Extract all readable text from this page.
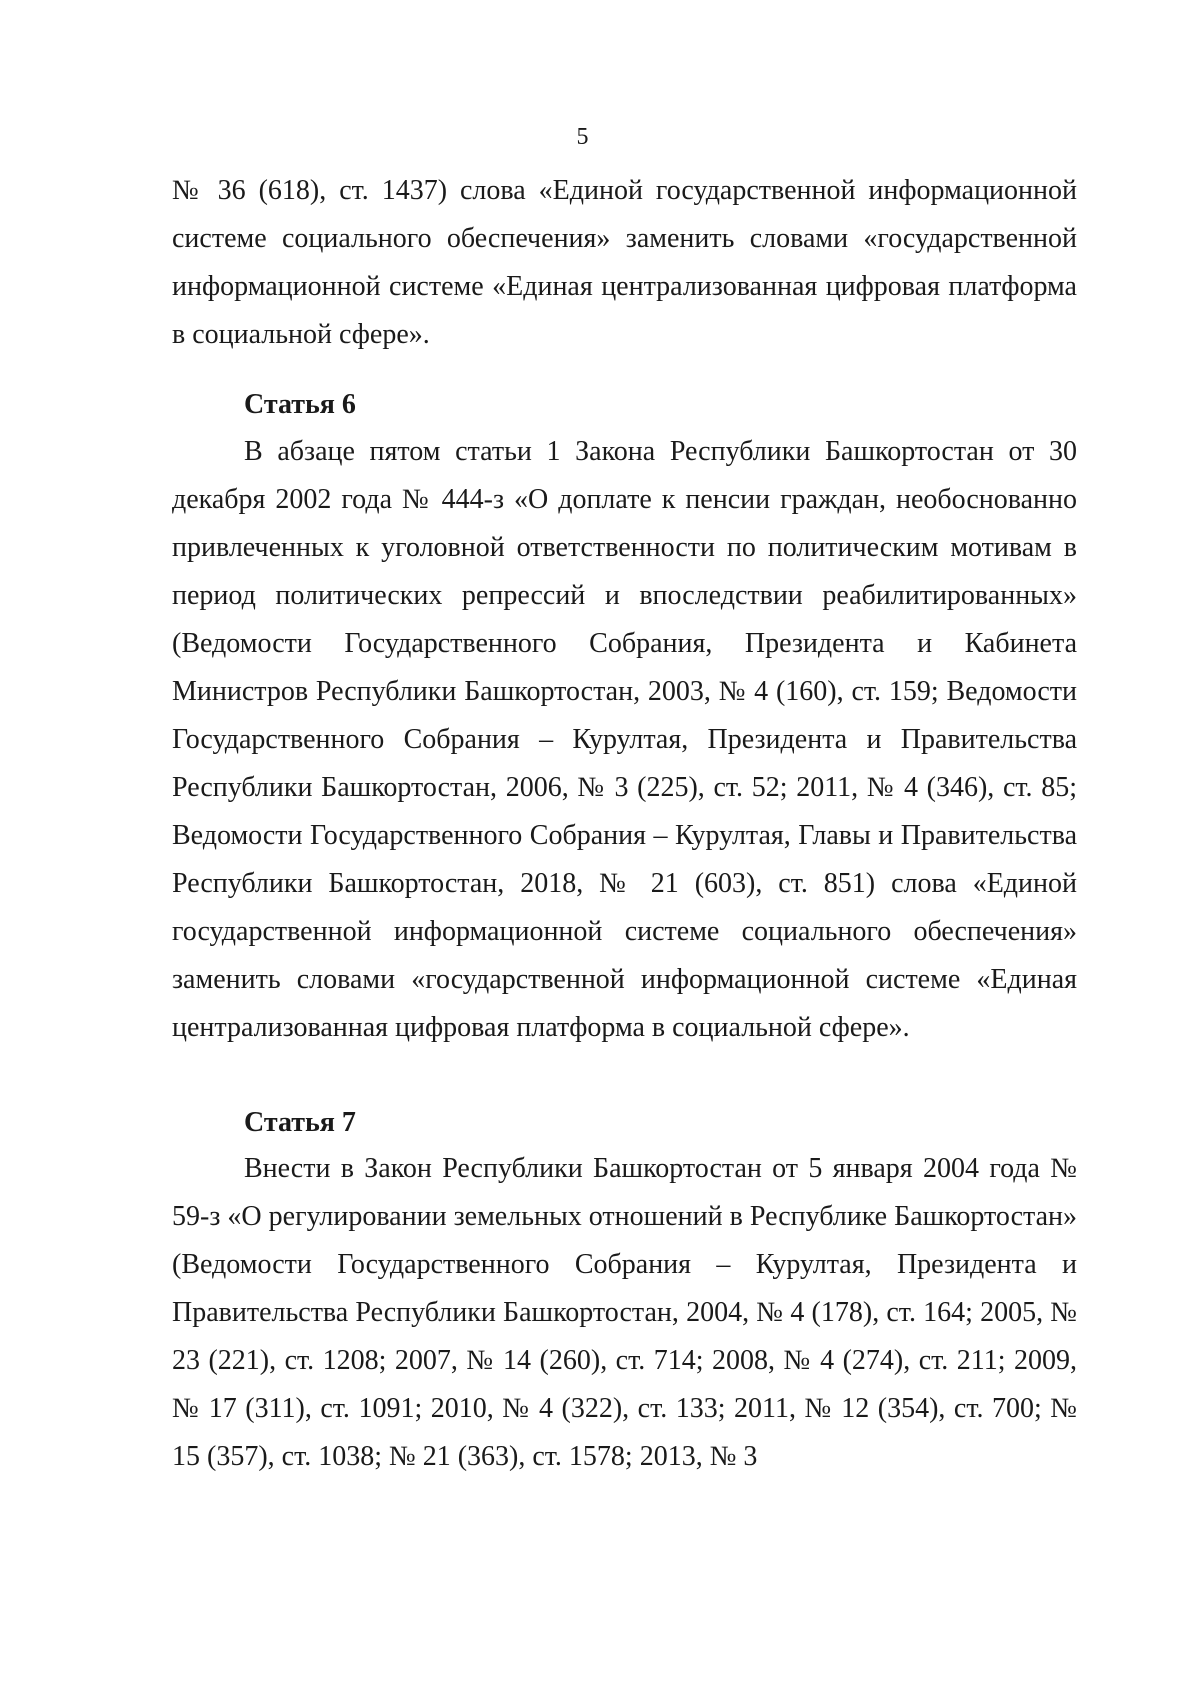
5

№ 36 (618), ст. 1437) слова «Единой государственной информационной системе социального обеспечения» заменить словами «государственной информационной системе «Единая централизованная цифровая платформа в социальной сфере».

Статья 6

В абзаце пятом статьи 1 Закона Республики Башкортостан от 30 декабря 2002 года № 444-з «О доплате к пенсии граждан, необоснованно привлеченных к уголовной ответственности по политическим мотивам в период политических репрессий и впоследствии реабилитированных» (Ведомости Государственного Собрания, Президента и Кабинета Министров Республики Башкортостан, 2003, № 4 (160), ст. 159; Ведомости Государственного Собрания – Курултая, Президента и Правительства Республики Башкортостан, 2006, № 3 (225), ст. 52; 2011, № 4 (346), ст. 85; Ведомости Государственного Собрания – Курултая, Главы и Правительства Республики Башкортостан, 2018, № 21 (603), ст. 851) слова «Единой государственной информационной системе социального обеспечения» заменить словами «государственной информационной системе «Единая централизованная цифровая платформа в социальной сфере».

Статья 7

Внести в Закон Республики Башкортостан от 5 января 2004 года № 59-з «О регулировании земельных отношений в Республике Башкортостан» (Ведомости Государственного Собрания – Курултая, Президента и Правительства Республики Башкортостан, 2004, № 4 (178), ст. 164; 2005, № 23 (221), ст. 1208; 2007, № 14 (260), ст. 714; 2008, № 4 (274), ст. 211; 2009, № 17 (311), ст. 1091; 2010, № 4 (322), ст. 133; 2011, № 12 (354), ст. 700; № 15 (357), ст. 1038; № 21 (363), ст. 1578; 2013, № 3
